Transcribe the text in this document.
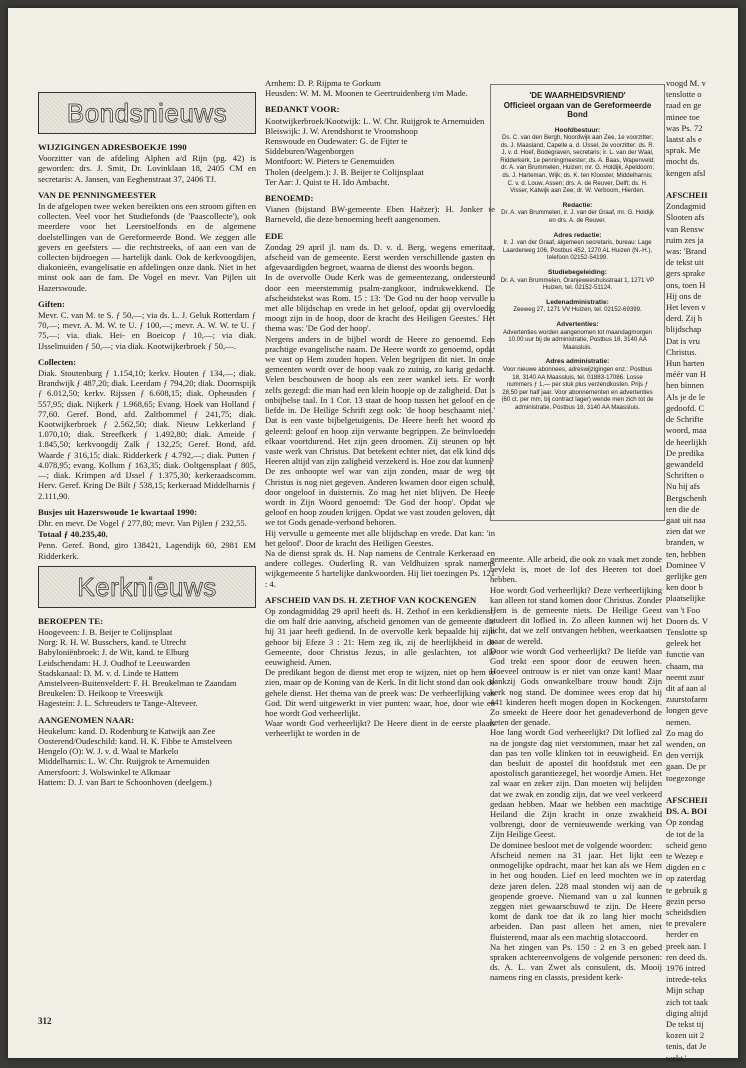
Bondsnieuws
WIJZIGINGEN ADRESBOEKJE 1990

Voorzitter van de afdeling Alphen a/d Rijn (pg. 42) is geworden: drs. J. Smit, Dr. Lovinklaan 18, 2405 CM en secretaris: A. Jansen, van Eeghenstraat 37, 2406 TJ.

VAN DE PENNINGMEESTER

In de afgelopen twee weken bereikten ons een stroom giften en collecten. Veel voor het Studiefonds (de 'Paascollecte'), ook meerdere voor het Leerstoelfonds en de algemene doelstellingen van de Gereformeerde Bond. We zeggen alle gevers en geefsters — die rechtstreeks, of aan een van de collecten bijdroegen — hartelijk dank. Ook de kerkvoogdijen, diakonieën, evangelisatie en afdelingen onze dank. Niet in het minst ook aan de fam. De Vogel en mevr. Van Pijlen uit Hazerswoude.

Giften:

Mevr. C. van M. te S. ƒ 50,—; via ds. L. J. Geluk Rotterdam ƒ 70,—; mevr. A. M. W. te U. ƒ 100,—; mevr. A. W. W. te U. ƒ 75,—; via. diak. Hei- en Boeicop ƒ 10,—; via diak. IJsselmuiden ƒ 50,—; via diak. Kootwijkerbroek ƒ 50,—.

Collecten:

Diak. Stoutenburg ƒ 1.154,10; kerkv. Houten ƒ 134,—; diak. Brandwijk ƒ 487,20; diak. Leerdam ƒ 794,20; diak. Doornspijk ƒ 6.012,50; kerkv. Rijssen ƒ 6.608,15; diak. Opheusden ƒ 557,95; diak. Nijkerk ƒ 1.968,65; Evang. Hoek van Holland ƒ 77,60. Geref. Bond, afd. Zaltbommel ƒ 241,75; diak. Kootwijkerbroek ƒ 2.562,50; diak. Nieuw Lekkerland ƒ 1.070,10; diak. Streefkerk ƒ 1.492,80; diak. Ameide ƒ 1.845,50; kerkvoogdij Zalk ƒ 132,25; Geref. Bond, afd. Waarde ƒ 316,15; diak. Ridderkerk ƒ 4.792,—; diak. Putten ƒ 4.078,95; evang. Kollum ƒ 163,35; diak. Ooltgensplaat ƒ 805,—; diak. Krimpen a/d IJssel ƒ 1.375,30; kerkeraadscomm. Herv. Geref. Kring De Bilt ƒ 538,15; kerkeraad Middelharnis ƒ 2.111,90.

Busjes uit Hazerswoude 1e kwartaal 1990:

Dhr. en mevr. De Vogel ƒ 277,80; mevr. Van Pijlen ƒ 232,55.

Totaal ƒ 40.235,40.

Penn. Geref. Bond, giro 138421, Lagendijk 60, 2981 EM Ridderkerk.

Kerknieuws
BEROEPEN TE:

Hoogeveen: J. B. Beijer te Colijnsplaat
Norg: R. H. W. Busschers, kand. te Utrecht
Babyloniënbroek: J. de Wit, kand. te Elburg
Leidschendam: H. J. Oudhof te Leeuwarden
Stadskanaal: D. M. v. d. Linde te Hattem
Amstelveen-Buitenveldert: F. H. Breukelman te Zaandam
Breukelen: D. Heikoop te Vreeswijk
Hagestein: J. L. Schreuders te Tange-Alteveer.

AANGENOMEN NAAR:

Heukelum: kand. D. Rodenburg te Katwijk aan Zee
Oosterend/Oudeschild: kand. H. K. Fibbe te Amstelveen
Hengelo (O): W. J. v. d. Waal te Markelo
Middelharnis: L. W. Chr. Ruijgrok te Arnemuiden
Amersfoort: J. Wolswinkel te Alkmaar
Hattem: D. J. van Bart te Schoonhoven (deelgem.)

Arnhem: D. P. Rijpma te Gorkum
Heusden: W. M. M. Moonen te Geertruidenberg t/m Made.

BEDANKT VOOR:

Kootwijkerbroek/Kootwijk: L. W. Chr. Ruijgrok te Arnemuiden
Bleiswijk: J. W. Arendshorst te Vroomshoop
Renswoude en Oudewater: G. de Fijter te Siddeburen/Wagenborgen
Montfoort: W. Pieters te Genemuiden
Tholen (deelgem.): J. B. Beijer te Colijnsplaat
Ter Aar: J. Quist te H. Ido Ambacht.

BENOEMD:

Vianen (bijstand BW-gemeente Eben Haëzer): H. Jonker te Barneveld, die deze benoeming heeft aangenomen.

EDE

Zondag 29 april jl. nam ds. D. v. d. Berg, wegens emeritaat, afscheid van de gemeente. Eerst werden verschillende gasten en afgevaardigden begroet, waarna de dienst des woords begon.
In de overvolle Oude Kerk was de gemeentezang, ondersteund door een meerstemmig psalm-zangkoor, indrukwekkend. De afscheidstekst was Rom. 15 : 13: 'De God nu der hoop vervulle u met alle blijdschap en vrede in het geloof, opdat gij overvloedig moogt zijn in de hoop, door de kracht des Heiligen Geestes.' Het thema was: 'De God der hoop'.
Nergens anders in de bijbel wordt de Heere zo genoemd. Een prachtige evangelische naam. De Heere wordt zo genoemd, opdat we vast op Hem zouden hopen. Velen begrijpen dit niet. In onze gemeenten wordt over de hoop vaak zo zuinig, zo karig gedacht. Velen beschouwen de hoop als een zeer wankel iets. Er wordt zelfs gezegd: die man had een klein hoopje op de zaligheid. Dat is onbijbelse taal. In 1 Cor. 13 staat de hoop tussen het geloof en de liefde in. De Heilige Schrift zegt ook: 'de hoop beschaamt niet.' Dat is een vaste bijbelgetuigenis. De Heere heeft het woord zo geleerd: geloof en hoop zijn verwante begrippen. Ze beïnvloeden elkaar voortdurend. Het zijn geen droomen. Zij steunen op het vaste werk van Christus. Dat betekent echter niet, dat elk kind des Heeren altijd van zijn zaligheid verzekerd is. Hoe zou dat kunnen?
De zes onhoopte wel war van zijn zonden, maar de weg tot Christus is nog niet gegeven. Anderen kwamen door eigen schuld, door ongeloof in duisternis. Zo mag het niet blijven. De Heere wordt in Zijn Woord genoemd: 'De God der hoop'. Opdat we geloof en hoop zouden krijgen. Opdat we vast zouden geloven, dat we tot Gods genade-verbond behoren.
Hij vervulle u gemeente met alle blijdschap en vrede. Dat kan: 'in het geloof'. Door de kracht des Heiligen Geestes.
Na de dienst sprak ds. H. Nap namens de Centrale Kerkeraad en andere colleges. Ouderling R. van Veldhuizen sprak namens wijkgemeente 5 hartelijke dankwoorden. Hij liet toezingen Ps. 121 : 4.

AFSCHEID VAN DS. H. ZETHOF VAN KOCKENGEN

Op zondagmiddag 29 april heeft ds. H. Zethof in een kerkdienst, die om half drie aanving, afscheid genomen van de gemeente die hij 31 jaar heeft gediend. In de overvolle kerk bepaalde hij zijn gehoor bij Efeze 3 : 21: Hem zeg ik, zij de heerlijkheid in de Gemeente, door Christus Jezus, in alle geslachten, tot alle eeuwigheid. Amen.
De predikant begon de dienst met erop te wijzen, niet op hem te zien, maar op de Koning van de Kerk. In dit licht stond dan ook de gehele dienst. Het thema van de preek was: De verheerlijking van God. Dit werd uitgewerkt in vier punten: waar, hoe, door wie en hoe wordt God verheerlijkt.
Waar wordt God verheerlijkt? De Heere dient in de eerste plaats verheerlijkt te worden in de

'DE WAARHEIDSVRIEND'
Officieel orgaan van de Gereformeerde Bond
Hoofdbestuur:
Ds. C. van den Bergh, Noordwijk aan Zee, 1e voorzitter; ds. J. Maasland, Capelle a. d. IJssel, 2e voorzitter; ds. R. J. v. d. Hoef, Bodegraven, secretaris; ir. L. van der Waal, Ridderkerk, 1e penningmeester; ds. A. Baas, Wapenveld; dr. A. van Brummelen, Huizen; mr. G. Holdijk, Apeldoorn; ds. J. Harteman, Wijk; ds. K. ten Klooster, Middelharnis; C. v. d. Louw, Assen; drs. A. de Reuver, Delft; ds. H. Visser, Katwijk aan Zee; dr. W. Verboom, Hierden.
Redactie:
Dr. A. van Brummelen, ir. J. van der Graaf, mr. G. Holdijk en drs. A. de Reuver.
Adres redactie:
Ir. J. van der Graaf, algemeen secretaris, bureau: Lage Laarderweg 106, Postbus 452, 1270 AL Huizen (N.-H.), telefoon 02152-54199.
Studiebegeleiding:
Dr. A. van Brummelen, Oranjeweeshuisstraat 1, 1271 VP Huizen, tel. 02152-51124.
Ledenadministratie:
Zeeweg 27, 1271 VV Huizen, tel. 02152-69399.
Advertenties:
Advertenties worden aangenomen tot maandagmorgen 10.00 uur bij de administratie, Postbus 18, 3140 AA Maassluis.
Adres administratie:
Voor nieuwe abonnees, adreswijzigingen enz.: Postbus 18, 3140 AA Maassluis, tel. 01883-17086. Losse nummers ƒ 1,— per stuk plus verzendkosten. Prijs ƒ 28,50 per half jaar. Voor abonnementen en advertenties (60 ct. per mm, bij contract lager) wende men zich tot de administratie, Postbus 18, 3140 AA Maassluis.

gemeente. Alle arbeid, die ook zo vaak met zonde bevlekt is, moet de lof des Heeren tot doel hebben.
Hoe wordt God verheerlijkt? Deze verheerlijking kan alleen tot stand komen door Christus. Zonder Hem is de gemeente niets. De Heilige Geest studeert dit loflied in. Zo alleen kunnen wij het licht, dat we zelf ontvangen hebben, weerkaatsen naar de wereld.
Door wie wordt God verheerlijkt? De liefde van God trekt een spoor door de eeuwen heen. Hoeveel ontrouw is er niet van onze kant! Maar dankzij Gods onwankelbare trouw houdt Zijn kerk nog stand. De dominee wees erop dat hij 441 kinderen heeft mogen dopen in Kockengen. Zo smeekt de Heere door het genadeverbond de keten der genade.
Hoe lang wordt God verheerlijkt? Dit loflied zal na de jongste dag niet verstommen, maar het zal dan pas ten volle klinken tot in eeuwigheid. En dan besluit de apostel dit hoofdstuk met een apostolisch garantiezegel, het woordje Amen. Het zal waar en zeker zijn. Dan moeten wij belijden dat we zwak en zondig zijn, dat we veel verkeerd gedaan hebben. Maar we hebben een machtige Heiland die Zijn kracht in onze zwakheid volbrengt, door de vernieuwende werking van Zijn Heilige Geest.
De dominee besloot met de volgende woorden:
Afscheid nemen na 31 jaar. Het lijkt een onmogelijke opdracht, maar het kan als we Hem in het oog houden. Lief en leed mochten we in deze jaren delen. 228 maal stonden wij aan de geopende groeve. Niemand van u zal kunnen zeggen niet gewaarschuwd te zijn. De Heere komt de dank toe dat ik zo lang hier mocht arbeiden. Dan past alleen het amen, niet fluisterend, maar als een machtig slotaccoord.
Na het zingen van Ps. 150 : 2 en 3 en gebed spraken achtereenvolgens de volgende personen: ds. A. L. van Zwet als consulent, ds. Mooij namens ring en classis, president kerk-

voogd M. v

tenslotte o

raad en ge

minee toe

was Ps. 72

laatst als e

sprak. Me

mocht ds.

kengen afsl

AFSCHEII

Zondagmid

Slooten afs

van Rensw

ruim zes ja

was: 'Brand

de tekst uit

gers sprake

ons, toen H

Hij ons de

Het leven v

derd. Zij h

blijdschap

Dat is vru

Christus.

Hun harten

méér van H

hen binnen

Als je de le

gedoofd. C

de Schrifte

woord, maa

de heerlijkh

De predika

gewandeld

Schriften o

Nu hij afs

Bergschenh

ten die de

gaat uit naa

zien dat we

branden, w

ten, hebben

Dominee V

gerlijke gen

ken door b

plaatselijke

van 't Foo

Doorn ds. V

Tenslotte sp

geleek het

functie van

chaam, ma

neemt zuur

dit af aan al

zuurstofarm

longen geve

nemen.

Zo mag do

wenden, on

den verrijk

gaan. De pr

toegezonge

AFSCHEII

DS. A. BOI

Op zondag

de tot de la

scheid geno

te Wezep e

digden en c

op zaterdag

te gebruik g

gezin perso

scheidsdien

te prevalere

herder en

preek aan. I

ren deed ds.

1976 intred

intrede-teks

Mijn schap

zich tot taak

diging altijd

De tekst tij

kozen uit 2

tenis, dat Je

wekt.'

312
